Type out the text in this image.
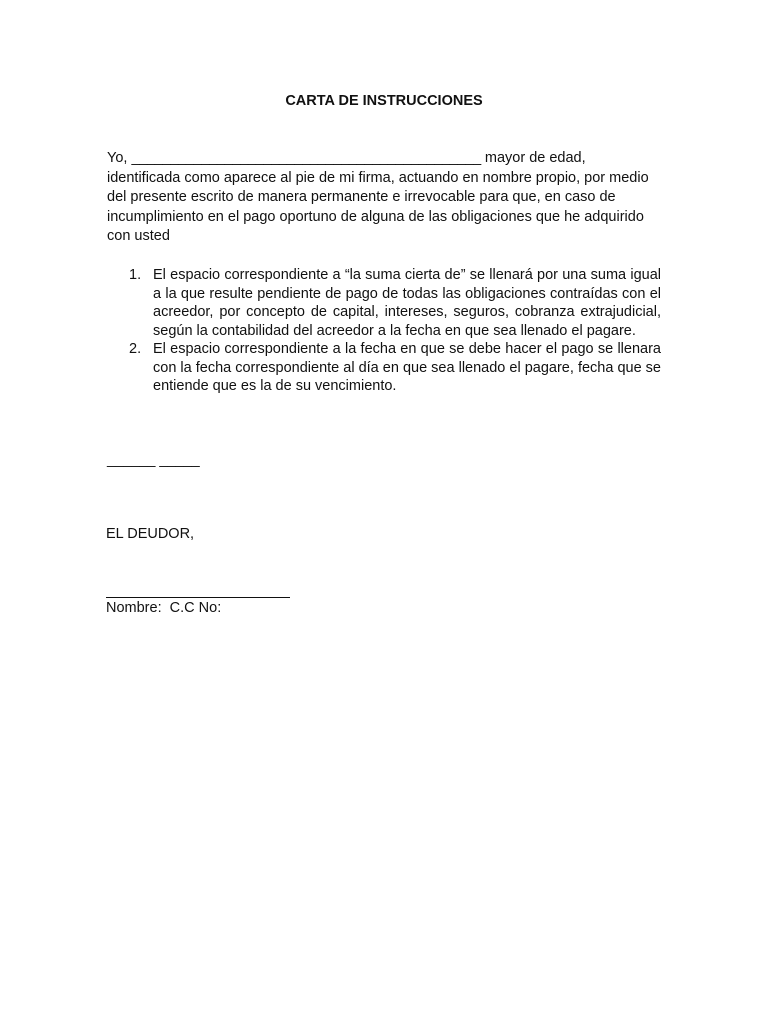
CARTA DE INSTRUCCIONES

Yo, _____________________________________________ mayor de edad, identificada como aparece al pie de mi firma, actuando en nombre propio, por medio del presente escrito de manera permanente e irrevocable para que, en caso de incumplimiento en el pago oportuno de alguna de las obligaciones que he adquirido con usted

1. El espacio correspondiente a “la suma cierta de” se llenará por una suma igual a la que resulte pendiente de pago de todas las obligaciones contraídas con el acreedor, por concepto de capital, intereses, seguros, cobranza extrajudicial, según la contabilidad del acreedor a la fecha en que sea llenado el pagare.
2. El espacio correspondiente a la fecha en que se debe hacer el pago se llenara con la fecha correspondiente al día en que sea llenado el pagare, fecha que se entiende que es la de su vencimiento.
______ _____
EL DEUDOR,
Nombre:  C.C No:
